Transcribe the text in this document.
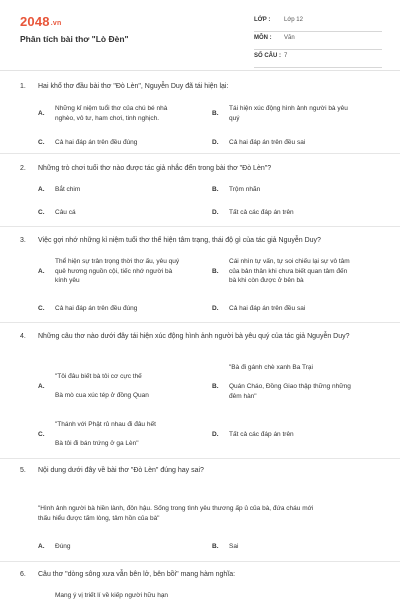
2048.vn
Phân tích bài thơ "Lò Đèn"
LỚP : Lớp 12
MÔN : Văn
SỐ CÂU : 7
1. Hai khổ thơ đầu bài thơ "Đò Lèn", Nguyễn Duy đã tái hiện lại:
A.
Những kỉ niệm tuổi thơ của chú bé nhà
nghèo, vô tư, ham chơi, tinh nghịch.
B.
Tái hiện xúc động hình ảnh người bà yêu
quý
C. Cả hai đáp án trên đều đúng	D. Cả hai đáp án trên đều sai
2. Những trò chơi tuổi thơ nào được tác giả nhắc đến trong bài thơ "Đò Lèn"?
A. Bắt chim	B. Trộm nhãn
C. Câu cá	D. Tất cả các đáp án trên
3. Việc gợi nhớ những kỉ niệm tuổi thơ thể hiện tâm trạng, thái độ gì của tác giả Nguyễn Duy?
A.
Thể hiện sự trân trọng thời thơ ấu, yêu quý
quê hương nguồn cội, tiếc nhớ người bà
kính yêu
B.
Cái nhìn tự vấn, tự soi chiếu lại sự vô tâm
của bản thân khi chưa biết quan tâm đến
bà khi còn được ở bên bà
C. Cả hai đáp án trên đều đúng	D. Cả hai đáp án trên đều sai
4. Những câu thơ nào dưới đây tái hiện xúc động hình ảnh người bà yêu quý của tác giả Nguyễn Duy?
A.
"Tôi đâu biết bà tôi cơ cực thế
Bà mò cua xúc tép ở đồng Quan
B.
"Bà đi gánh chè xanh Ba Trại
Quán Cháo, Đồng Giao thập thững những
đêm hàn"
C.
"Thánh với Phật rủ nhau đi đâu hết
Bà tôi đi bán trứng ở ga Lèn"
D. Tất cả các đáp án trên
5. Nội dung dưới đây về bài thơ "Đò Lèn" đúng hay sai?
"Hình ảnh người bà hiền lành, đôn hậu. Sống trong tình yêu thương ấp ủ của bà, đứa cháu mới
thấu hiểu được tấm lòng, tâm hồn của bà"
A. Đúng	B. Sai
6. Câu thơ "dòng sông xưa vẫn bên lở, bên bồi" mang hàm nghĩa:
Mang ý vị triết lí về kiếp người hữu hạn
